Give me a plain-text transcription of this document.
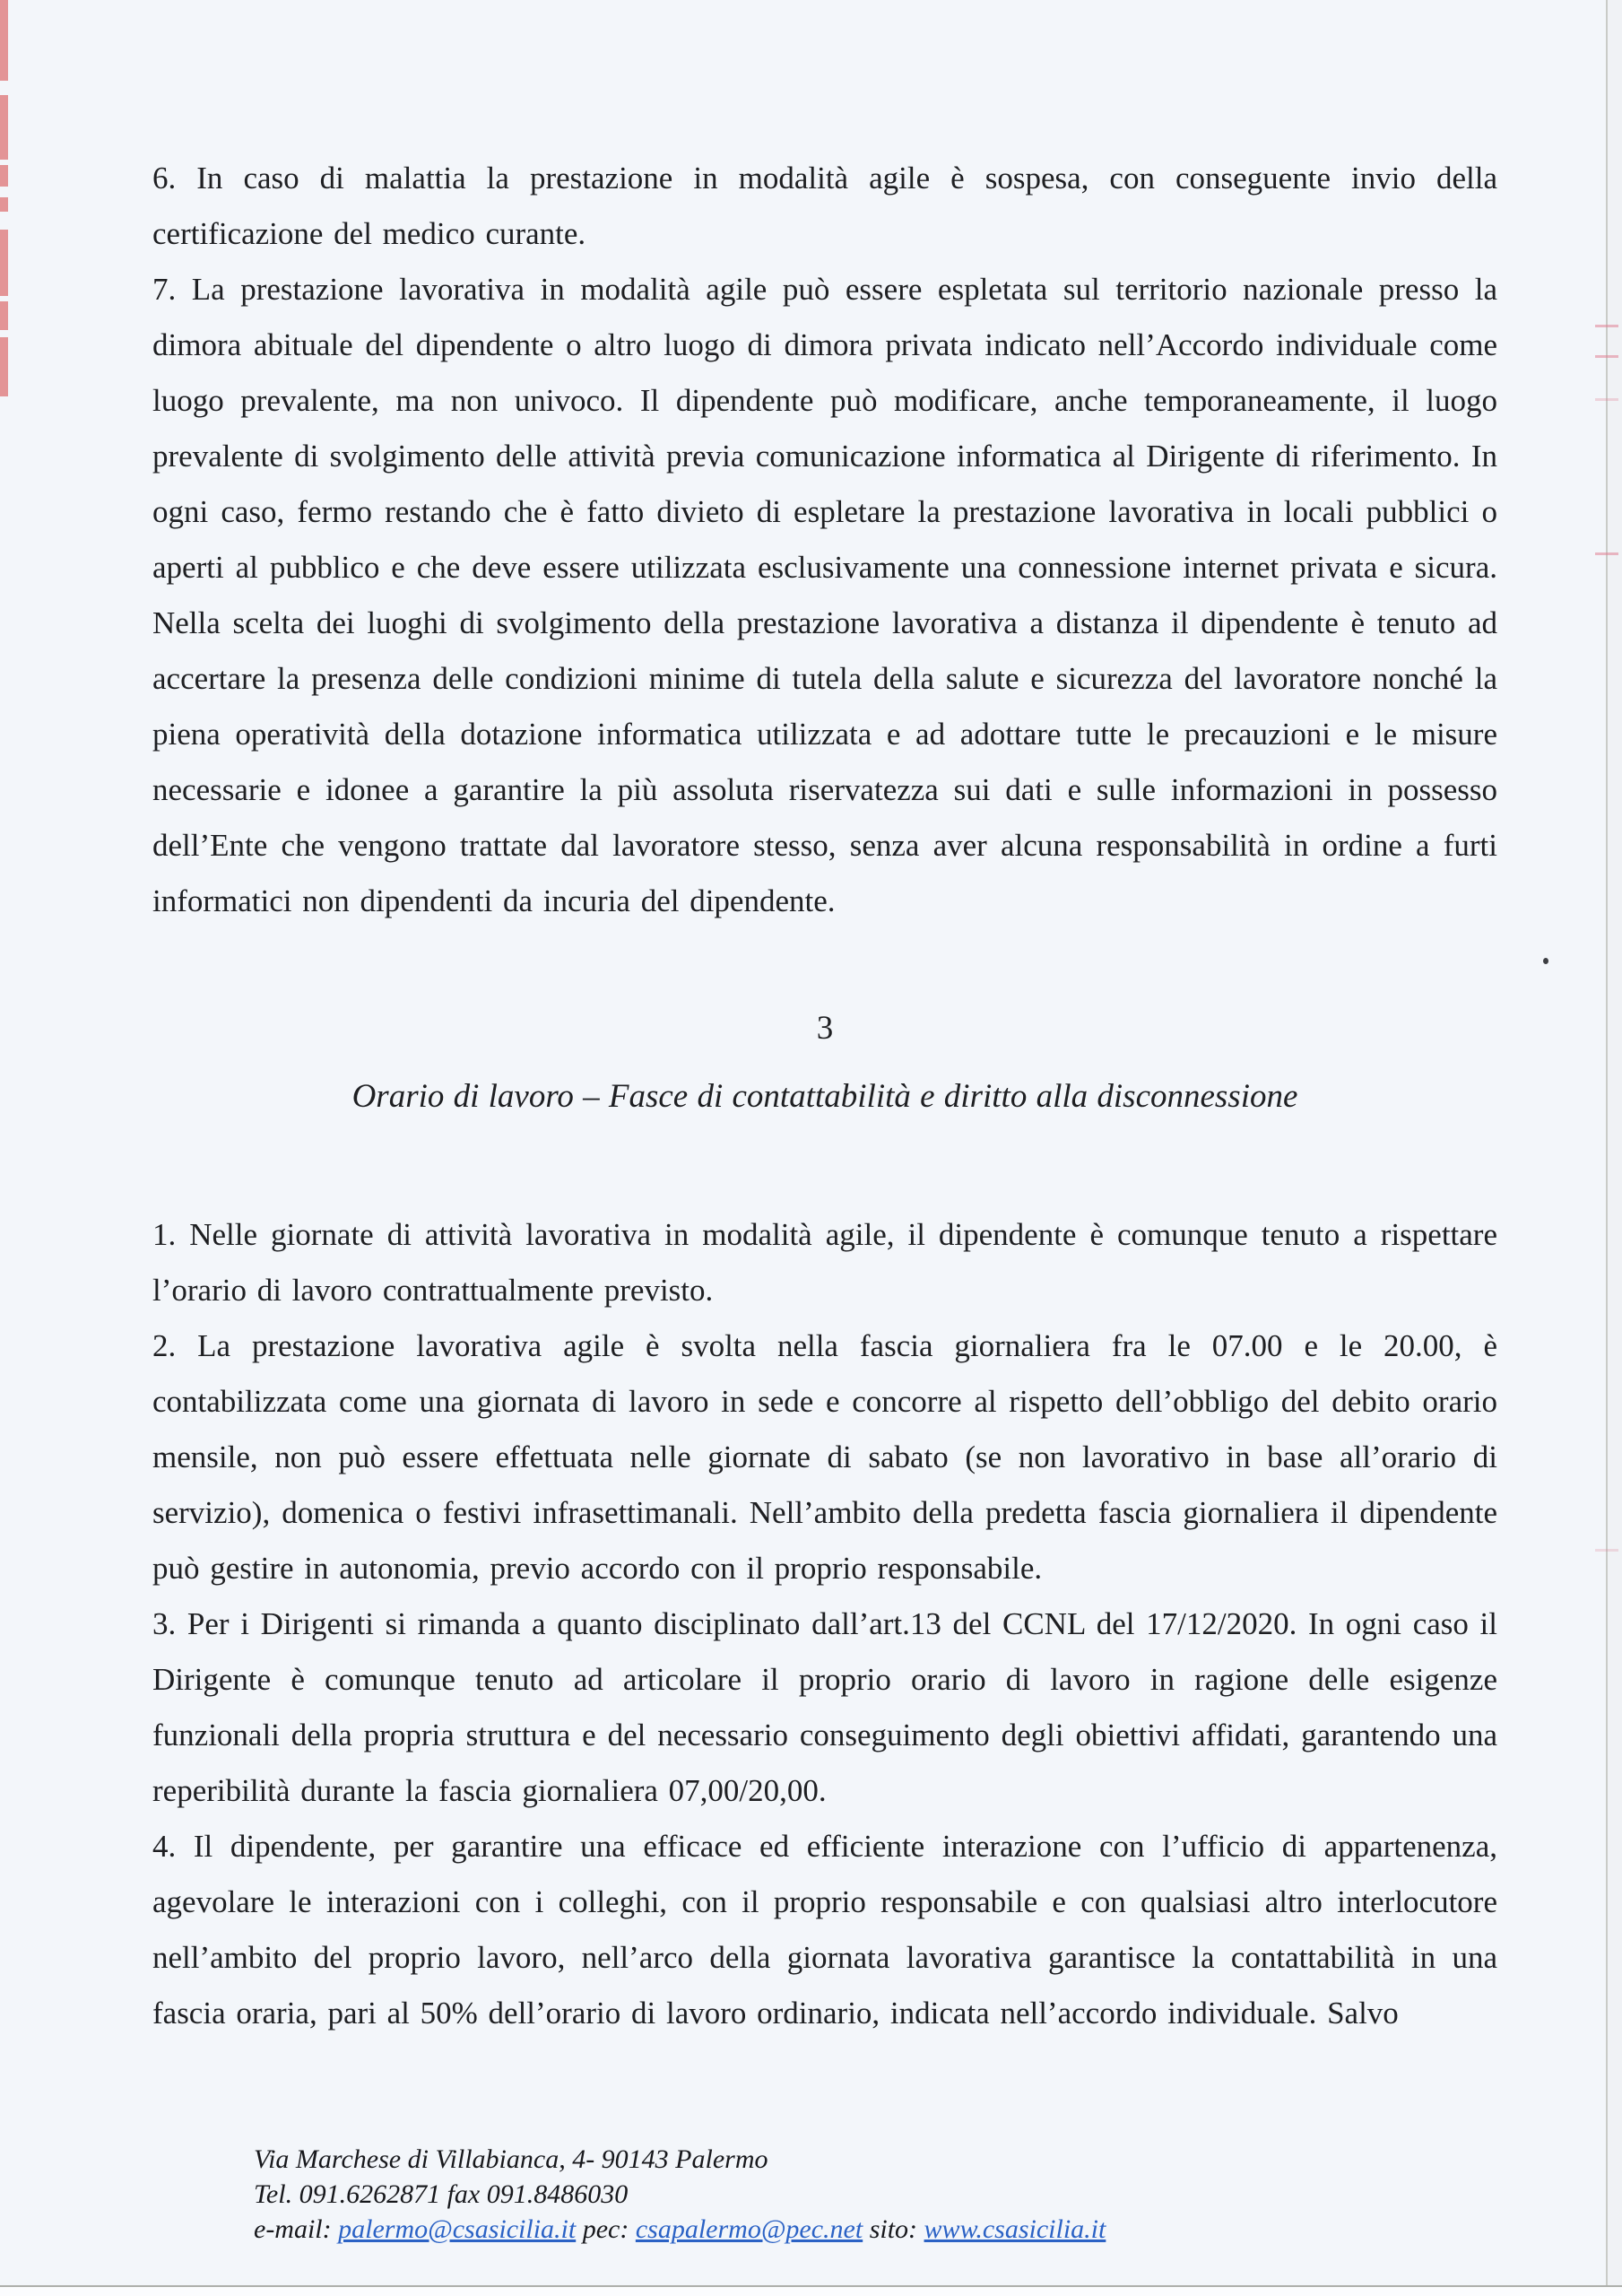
6. In caso di malattia la prestazione in modalità agile è sospesa, con conseguente invio della certificazione del medico curante.

7. La prestazione lavorativa in modalità agile può essere espletata sul territorio nazionale presso la dimora abituale del dipendente o altro luogo di dimora privata indicato nell’Accordo individuale come luogo prevalente, ma non univoco. Il dipendente può modificare, anche temporaneamente, il luogo prevalente di svolgimento delle attività previa comunicazione informatica al Dirigente di riferimento. In ogni caso, fermo restando che è fatto divieto di espletare la prestazione lavorativa in locali pubblici o aperti al pubblico e che deve essere utilizzata esclusivamente una connessione internet privata e sicura. Nella scelta dei luoghi di svolgimento della prestazione lavorativa a distanza il dipendente è tenuto ad accertare la presenza delle condizioni minime di tutela della salute e sicurezza del lavoratore nonché la piena operatività della dotazione informatica utilizzata e ad adottare tutte le precauzioni e le misure necessarie e idonee a garantire la più assoluta riservatezza sui dati e sulle informazioni in possesso dell’Ente che vengono trattate dal lavoratore stesso, senza aver alcuna responsabilità in ordine a furti informatici non dipendenti da incuria del dipendente.

3

Orario di lavoro – Fasce di contattabilità e diritto alla disconnessione

1. Nelle giornate di attività lavorativa in modalità agile, il dipendente è comunque tenuto a rispettare l’orario di lavoro contrattualmente previsto.

2. La prestazione lavorativa agile è svolta nella fascia giornaliera fra le 07.00 e le 20.00, è contabilizzata come una giornata di lavoro in sede e concorre al rispetto dell’obbligo del debito orario mensile, non può essere effettuata nelle giornate di sabato (se non lavorativo in base all’orario di servizio), domenica o festivi infrasettimanali. Nell’ambito della predetta fascia giornaliera il dipendente può gestire in autonomia, previo accordo con il proprio responsabile.

3. Per i Dirigenti si rimanda a quanto disciplinato dall’art.13 del CCNL del 17/12/2020. In ogni caso il Dirigente è comunque tenuto ad articolare il proprio orario di lavoro in ragione delle esigenze funzionali della propria struttura e del necessario conseguimento degli obiettivi affidati, garantendo una reperibilità durante la fascia giornaliera 07,00/20,00.

4. Il dipendente, per garantire una efficace ed efficiente interazione con l’ufficio di appartenenza, agevolare le interazioni con i colleghi, con il proprio responsabile e con qualsiasi altro interlocutore nell’ambito del proprio lavoro, nell’arco della giornata lavorativa garantisce la contattabilità in una fascia oraria, pari al 50% dell’orario di lavoro ordinario, indicata nell’accordo individuale. Salvo

Via Marchese di Villabianca, 4- 90143 Palermo
Tel. 091.6262871 fax 091.8486030
e-mail: palermo@csasicilia.it pec: csapalermo@pec.net sito: www.csasicilia.it
